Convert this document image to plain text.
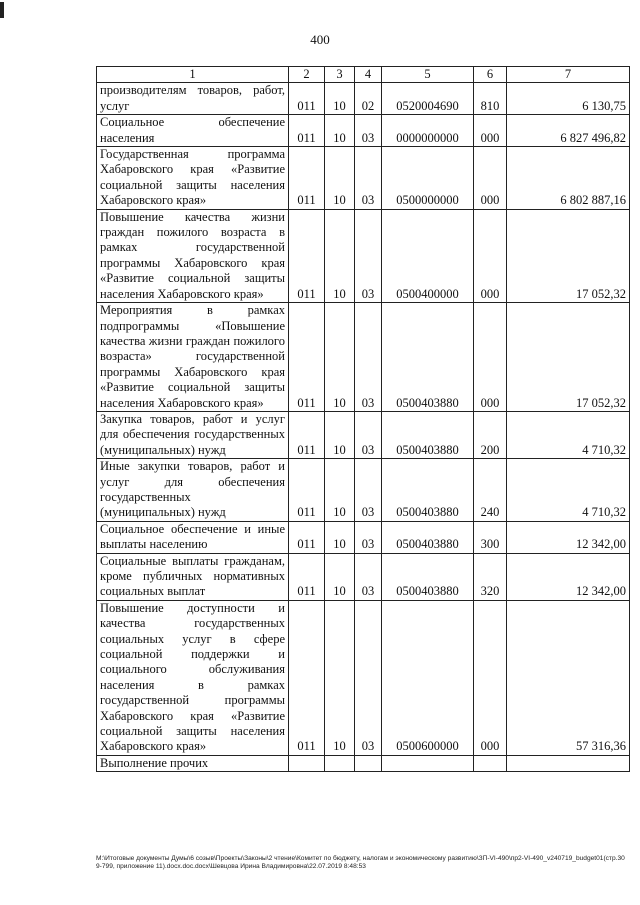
400
1	2	3	4	5	6	7
производителям товаров, работ, услуг	011	10	02	0520004690	810	6 130,75
Социальное обеспечение населения	011	10	03	0000000000	000	6 827 496,82
Государственная программа Хабаровского края «Развитие социальной защиты населения Хабаровского края»	011	10	03	0500000000	000	6 802 887,16
Повышение качества жизни граждан пожилого возраста в рамках государственной программы Хабаровского края «Развитие социальной защиты населения Хабаровского края»	011	10	03	0500400000	000	17 052,32
Мероприятия в рамках подпрограммы «Повышение качества жизни граждан пожилого возраста» государственной программы Хабаровского края «Развитие социальной защиты населения Хабаровского края»	011	10	03	0500403880	000	17 052,32
Закупка товаров, работ и услуг для обеспечения государственных (муниципальных) нужд	011	10	03	0500403880	200	4 710,32
Иные закупки товаров, работ и услуг для обеспечения государственных (муниципальных) нужд	011	10	03	0500403880	240	4 710,32
Социальное обеспечение и иные выплаты населению	011	10	03	0500403880	300	12 342,00
Социальные выплаты гражданам, кроме публичных нормативных социальных выплат	011	10	03	0500403880	320	12 342,00
Повышение доступности и качества государственных социальных услуг в сфере социальной поддержки и социального обслуживания населения в рамках государственной программы Хабаровского края «Развитие социальной защиты населения Хабаровского края»	011	10	03	0500600000	000	57 316,36
Выполнение прочих						
М:\Итоговые документы Думы\6 созыв\Проекты\Законы\2 чтение\Комитет по бюджету, налогам и экономическому развитию\ЗП-VI-490\пр2-VI-490_v240719_budget01(стр.309-799, приложение 11).docx.doc.docx\Шевцова Ирина Владимировна\22.07.2019 8:48:53
